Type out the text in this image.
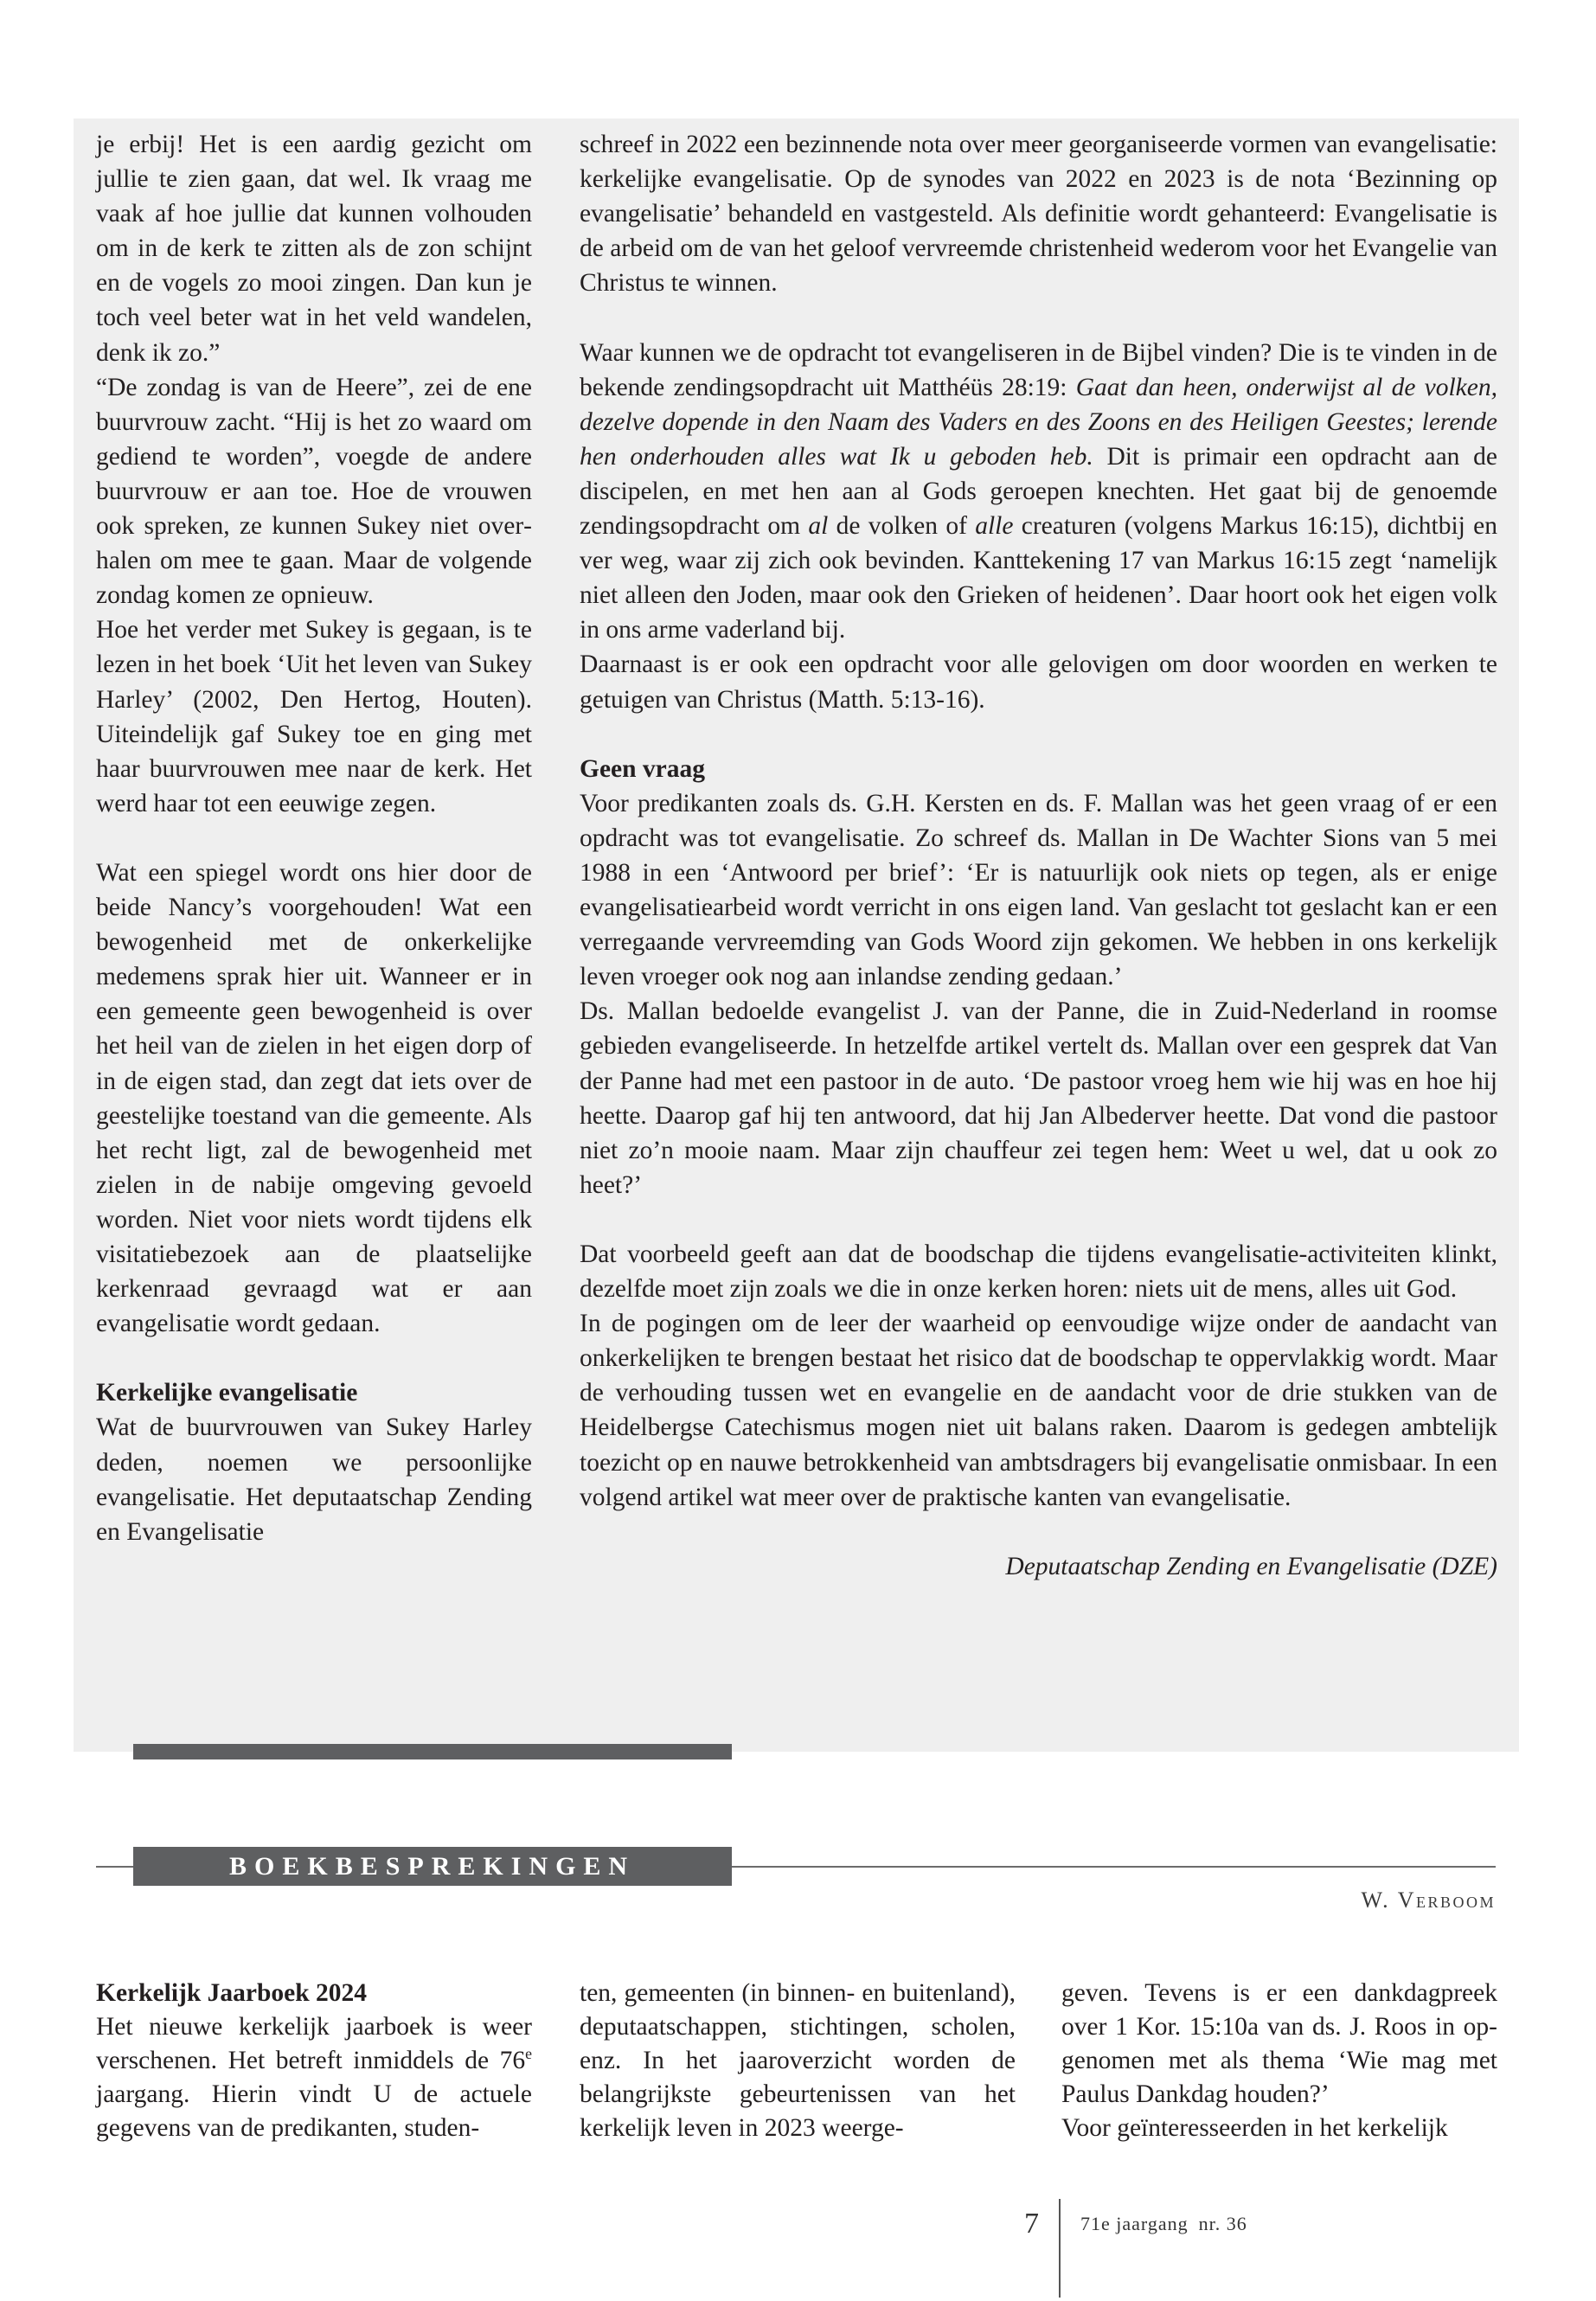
je erbij! Het is een aardig gezicht om jullie te zien gaan, dat wel. Ik vraag me vaak af hoe jullie dat kunnen volhouden om in de kerk te zitten als de zon schijnt en de vogels zo mooi zingen. Dan kun je toch veel beter wat in het veld wandelen, denk ik zo.”

“De zondag is van de Heere”, zei de ene buurvrouw zacht. “Hij is het zo waard om gediend te worden”, voegde de andere buurvrouw er aan toe. Hoe de vrouwen ook spreken, ze kunnen Sukey niet overhalen om mee te gaan. Maar de volgende zondag komen ze opnieuw.

Hoe het verder met Sukey is gegaan, is te lezen in het boek ‘Uit het leven van Sukey Harley’ (2002, Den Hertog, Houten). Uiteindelijk gaf Sukey toe en ging met haar buurvrouwen mee naar de kerk. Het werd haar tot een eeuwige zegen.

Wat een spiegel wordt ons hier door de beide Nancy’s voorgehouden! Wat een bewogenheid met de onkerkelijke medemens sprak hier uit. Wanneer er in een gemeente geen bewogenheid is over het heil van de zielen in het eigen dorp of in de eigen stad, dan zegt dat iets over de geestelijke toestand van die gemeente. Als het recht ligt, zal de bewogenheid met zielen in de nabije omgeving gevoeld worden. Niet voor niets wordt tijdens elk visitatiebezoek aan de plaatselijke kerkenraad gevraagd wat er aan evangelisatie wordt gedaan.

Kerkelijke evangelisatie

Wat de buurvrouwen van Sukey Harley deden, noemen we persoonlijke evangelisatie. Het deputaatschap Zending en Evangelisatie

schreef in 2022 een bezinnende nota over meer georganiseerde vormen van evangelisatie: kerkelijke evangelisatie. Op de synodes van 2022 en 2023 is de nota ‘Bezinning op evangelisatie’ behandeld en vastgesteld. Als definitie wordt gehanteerd: Evangelisatie is de arbeid om de van het geloof vervreemde christenheid wederom voor het Evangelie van Christus te winnen.

Waar kunnen we de opdracht tot evangeliseren in de Bijbel vinden? Die is te vinden in de bekende zendingsopdracht uit Matthéüs 28:19: Gaat dan heen, onderwijst al de volken, dezelve dopende in den Naam des Vaders en des Zoons en des Heiligen Geestes; lerende hen onderhouden alles wat Ik u geboden heb. Dit is primair een opdracht aan de discipelen, en met hen aan al Gods geroepen knechten. Het gaat bij de genoemde zendingsopdracht om al de volken of alle creaturen (volgens Markus 16:15), dichtbij en ver weg, waar zij zich ook bevinden. Kanttekening 17 van Markus 16:15 zegt ‘namelijk niet alleen den Joden, maar ook den Grieken of heidenen’. Daar hoort ook het eigen volk in ons arme vaderland bij.

Daarnaast is er ook een opdracht voor alle gelovigen om door woorden en werken te getuigen van Christus (Matth. 5:13-16).

Geen vraag

Voor predikanten zoals ds. G.H. Kersten en ds. F. Mallan was het geen vraag of er een opdracht was tot evangelisatie. Zo schreef ds. Mallan in De Wachter Sions van 5 mei 1988 in een ‘Antwoord per brief’: ‘Er is natuurlijk ook niets op tegen, als er enige evangelisatiearbeid wordt verricht in ons eigen land. Van geslacht tot geslacht kan er een verregaande vervreemding van Gods Woord zijn gekomen. We hebben in ons kerkelijk leven vroeger ook nog aan inlandse zending gedaan.’

Ds. Mallan bedoelde evangelist J. van der Panne, die in Zuid-Nederland in roomse gebieden evangeliseerde. In hetzelfde artikel vertelt ds. Mallan over een gesprek dat Van der Panne had met een pastoor in de auto. ‘De pastoor vroeg hem wie hij was en hoe hij heette. Daarop gaf hij ten antwoord, dat hij Jan Albederver heette. Dat vond die pastoor niet zo’n mooie naam. Maar zijn chauffeur zei tegen hem: Weet u wel, dat u ook zo heet?’

Dat voorbeeld geeft aan dat de boodschap die tijdens evangelisatie-activiteiten klinkt, dezelfde moet zijn zoals we die in onze kerken horen: niets uit de mens, alles uit God.

In de pogingen om de leer der waarheid op eenvoudige wijze onder de aandacht van onkerkelijken te brengen bestaat het risico dat de boodschap te oppervlakkig wordt. Maar de verhouding tussen wet en evangelie en de aandacht voor de drie stukken van de Heidelbergse Catechismus mogen niet uit balans raken. Daarom is gedegen ambtelijk toezicht op en nauwe betrokkenheid van ambtsdragers bij evangelisatie onmisbaar. In een volgend artikel wat meer over de praktische kanten van evangelisatie.

Deputaatschap Zending en Evangelisatie (DZE)

BOEKBESPREKINGEN
W. Verboom
Kerkelijk Jaarboek 2024

Het nieuwe kerkelijk jaarboek is weer verschenen. Het betreft inmiddels de 76e jaargang. Hierin vindt U de actuele gegevens van de predikanten, studen-

ten, gemeenten (in binnen- en buitenland), deputaatschappen, stichtingen, scholen, enz. In het jaaroverzicht worden de belangrijkste gebeurtenissen van het kerkelijk leven in 2023 weerge-

geven. Tevens is er een dankdagpreek over 1 Kor. 15:10a van ds. J. Roos in opgenomen met als thema ‘Wie mag met Paulus Dankdag houden?’

Voor geïnteresseerden in het kerkelijk

7 71e jaargang nr. 36
